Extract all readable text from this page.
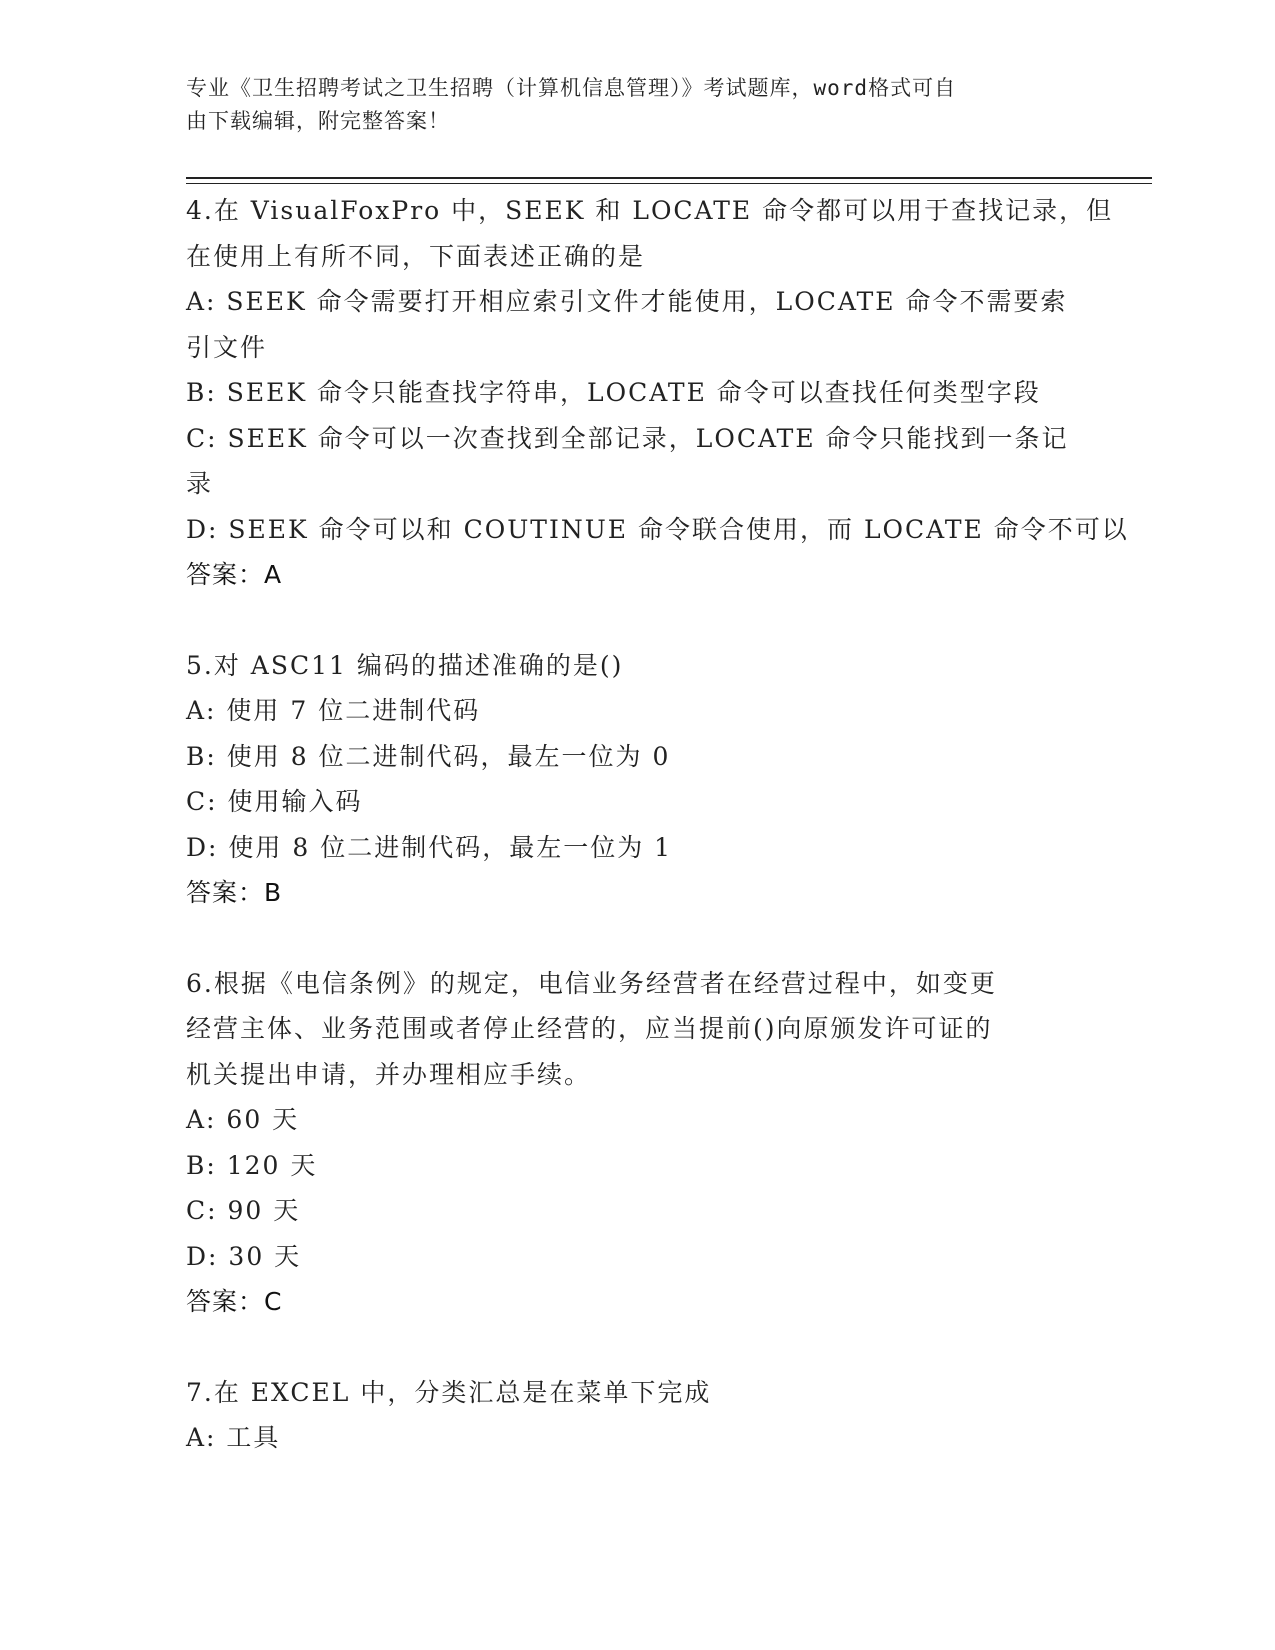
专业《卫生招聘考试之卫生招聘（计算机信息管理）》考试题库，word格式可自
由下载编辑，附完整答案！
4.在 VisualFoxPro 中，SEEK 和 LOCATE 命令都可以用于查找记录，但
在使用上有所不同，下面表述正确的是
A: SEEK 命令需要打开相应索引文件才能使用，LOCATE 命令不需要索
引文件
B: SEEK 命令只能查找字符串，LOCATE 命令可以查找任何类型字段
C: SEEK 命令可以一次查找到全部记录，LOCATE 命令只能找到一条记
录
D: SEEK 命令可以和 COUTINUE 命令联合使用，而 LOCATE 命令不可以
答案：A
5.对 ASC11 编码的描述准确的是()
A: 使用 7 位二进制代码
B: 使用 8 位二进制代码，最左一位为 0
C: 使用输入码
D: 使用 8 位二进制代码，最左一位为 1
答案：B
6.根据《电信条例》的规定，电信业务经营者在经营过程中，如变更
经营主体、业务范围或者停止经营的，应当提前()向原颁发许可证的
机关提出申请，并办理相应手续。
A: 60 天
B: 120 天
C: 90 天
D: 30 天
答案：C
7.在 EXCEL 中，分类汇总是在菜单下完成
A: 工具
